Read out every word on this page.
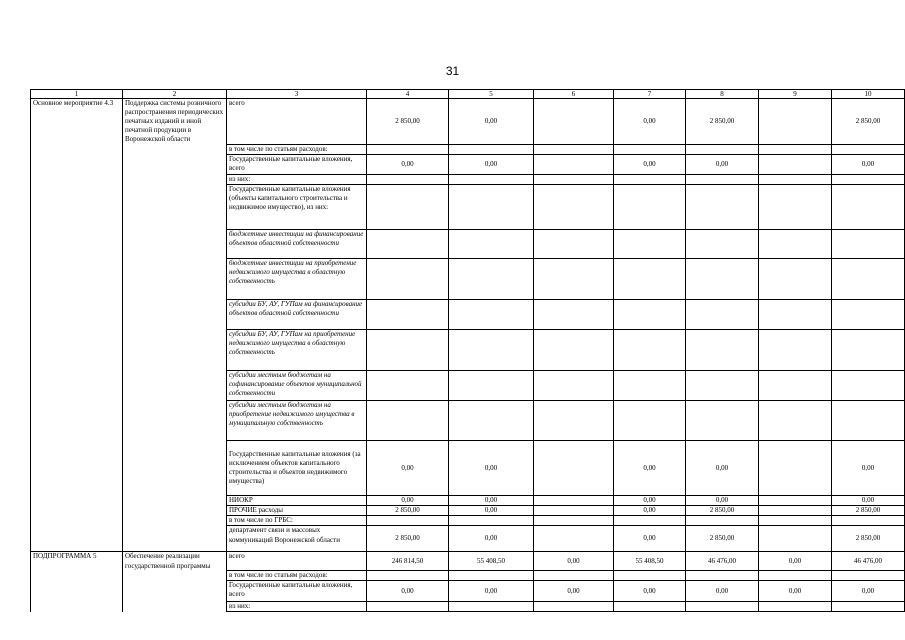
31
1	2	3	4	5	6	7	8	9	10
Основное мероприятие 4.3	Поддержка системы розничного распространения периодических печатных изданий и иной печатной продукции в Воронежской области	всего	2 850,00	0,00		0,00	2 850,00		2 850,00
		в том числе по статьям расходов:							
		Государственные капитальные вложения, всего	0,00	0,00		0,00	0,00		0,00
		из них:							
		Государственные капитальные вложения (объекты капитального строительства и недвижимое имущество), из них:							
		бюджетные инвестиции на финансирование объектов областной собственности							
		бюджетные инвестиции на приобретение недвижимого имущества в областную собственность							
		субсидии БУ, АУ, ГУПам на финансирование объектов областной собственности							
		субсидии БУ, АУ, ГУПам на приобретение недвижимого имущества в областную собственность							
		субсидии местным бюджетам на софинансирование объектов муниципальной собственности							
		субсидии местным бюджетам на приобретение недвижимого имущества в муниципальную собственность							
		Государственные капитальные вложения (за исключением объектов капитального строительства и объектов недвижимого имущества)	0,00	0,00		0,00	0,00		0,00
		НИОКР	0,00	0,00		0,00	0,00		0,00
		ПРОЧИЕ расходы	2 850,00	0,00		0,00	2 850,00		2 850,00
		в том числе по ГРБС:							
		департамент связи и массовых коммуникаций Воронежской области	2 850,00	0,00		0,00	2 850,00		2 850,00
ПОДПРОГРАММА 5	Обеспечение реализации государственной программы	всего	246 814,50	55 408,50	0,00	55 408,50	46 476,00	0,00	46 476,00
		в том числе по статьям расходов:							
		Государственные капитальные вложения, всего	0,00	0,00	0,00	0,00	0,00	0,00	0,00
		из них:							
